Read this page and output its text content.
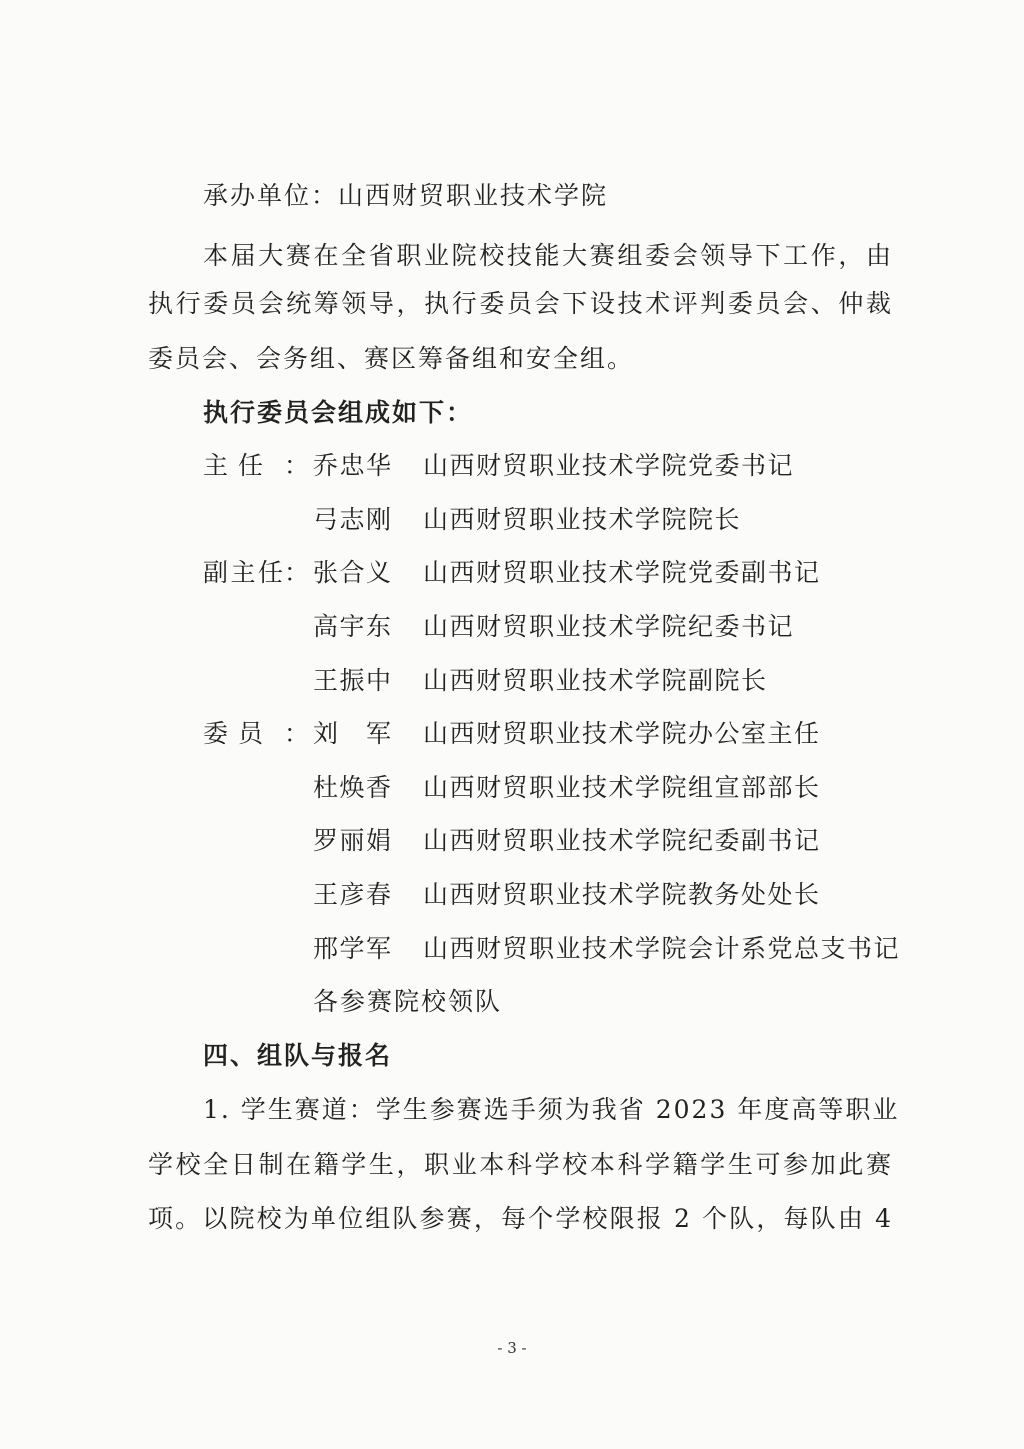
承办单位：山西财贸职业技术学院
本届大赛在全省职业院校技能大赛组委会领导下工作，由
执行委员会统筹领导，执行委员会下设技术评判委员会、仲裁
委员会、会务组、赛区筹备组和安全组。
执行委员会组成如下：
主任 ： 乔忠华 山西财贸职业技术学院党委书记
弓志刚 山西财贸职业技术学院院长
副主任 ： 张合义 山西财贸职业技术学院党委副书记
高宇东 山西财贸职业技术学院纪委书记
王振中 山西财贸职业技术学院副院长
委员 ： 刘军 山西财贸职业技术学院办公室主任
杜焕香 山西财贸职业技术学院组宣部部长
罗丽娟 山西财贸职业技术学院纪委副书记
王彦春 山西财贸职业技术学院教务处处长
邢学军 山西财贸职业技术学院会计系党总支书记
各参赛院校领队
四、组队与报名
1. 学生赛道：学生参赛选手须为我省 2023 年度高等职业
学校全日制在籍学生，职业本科学校本科学籍学生可参加此赛
项。以院校为单位组队参赛，每个学校限报 2 个队，每队由 4
- 3 -
